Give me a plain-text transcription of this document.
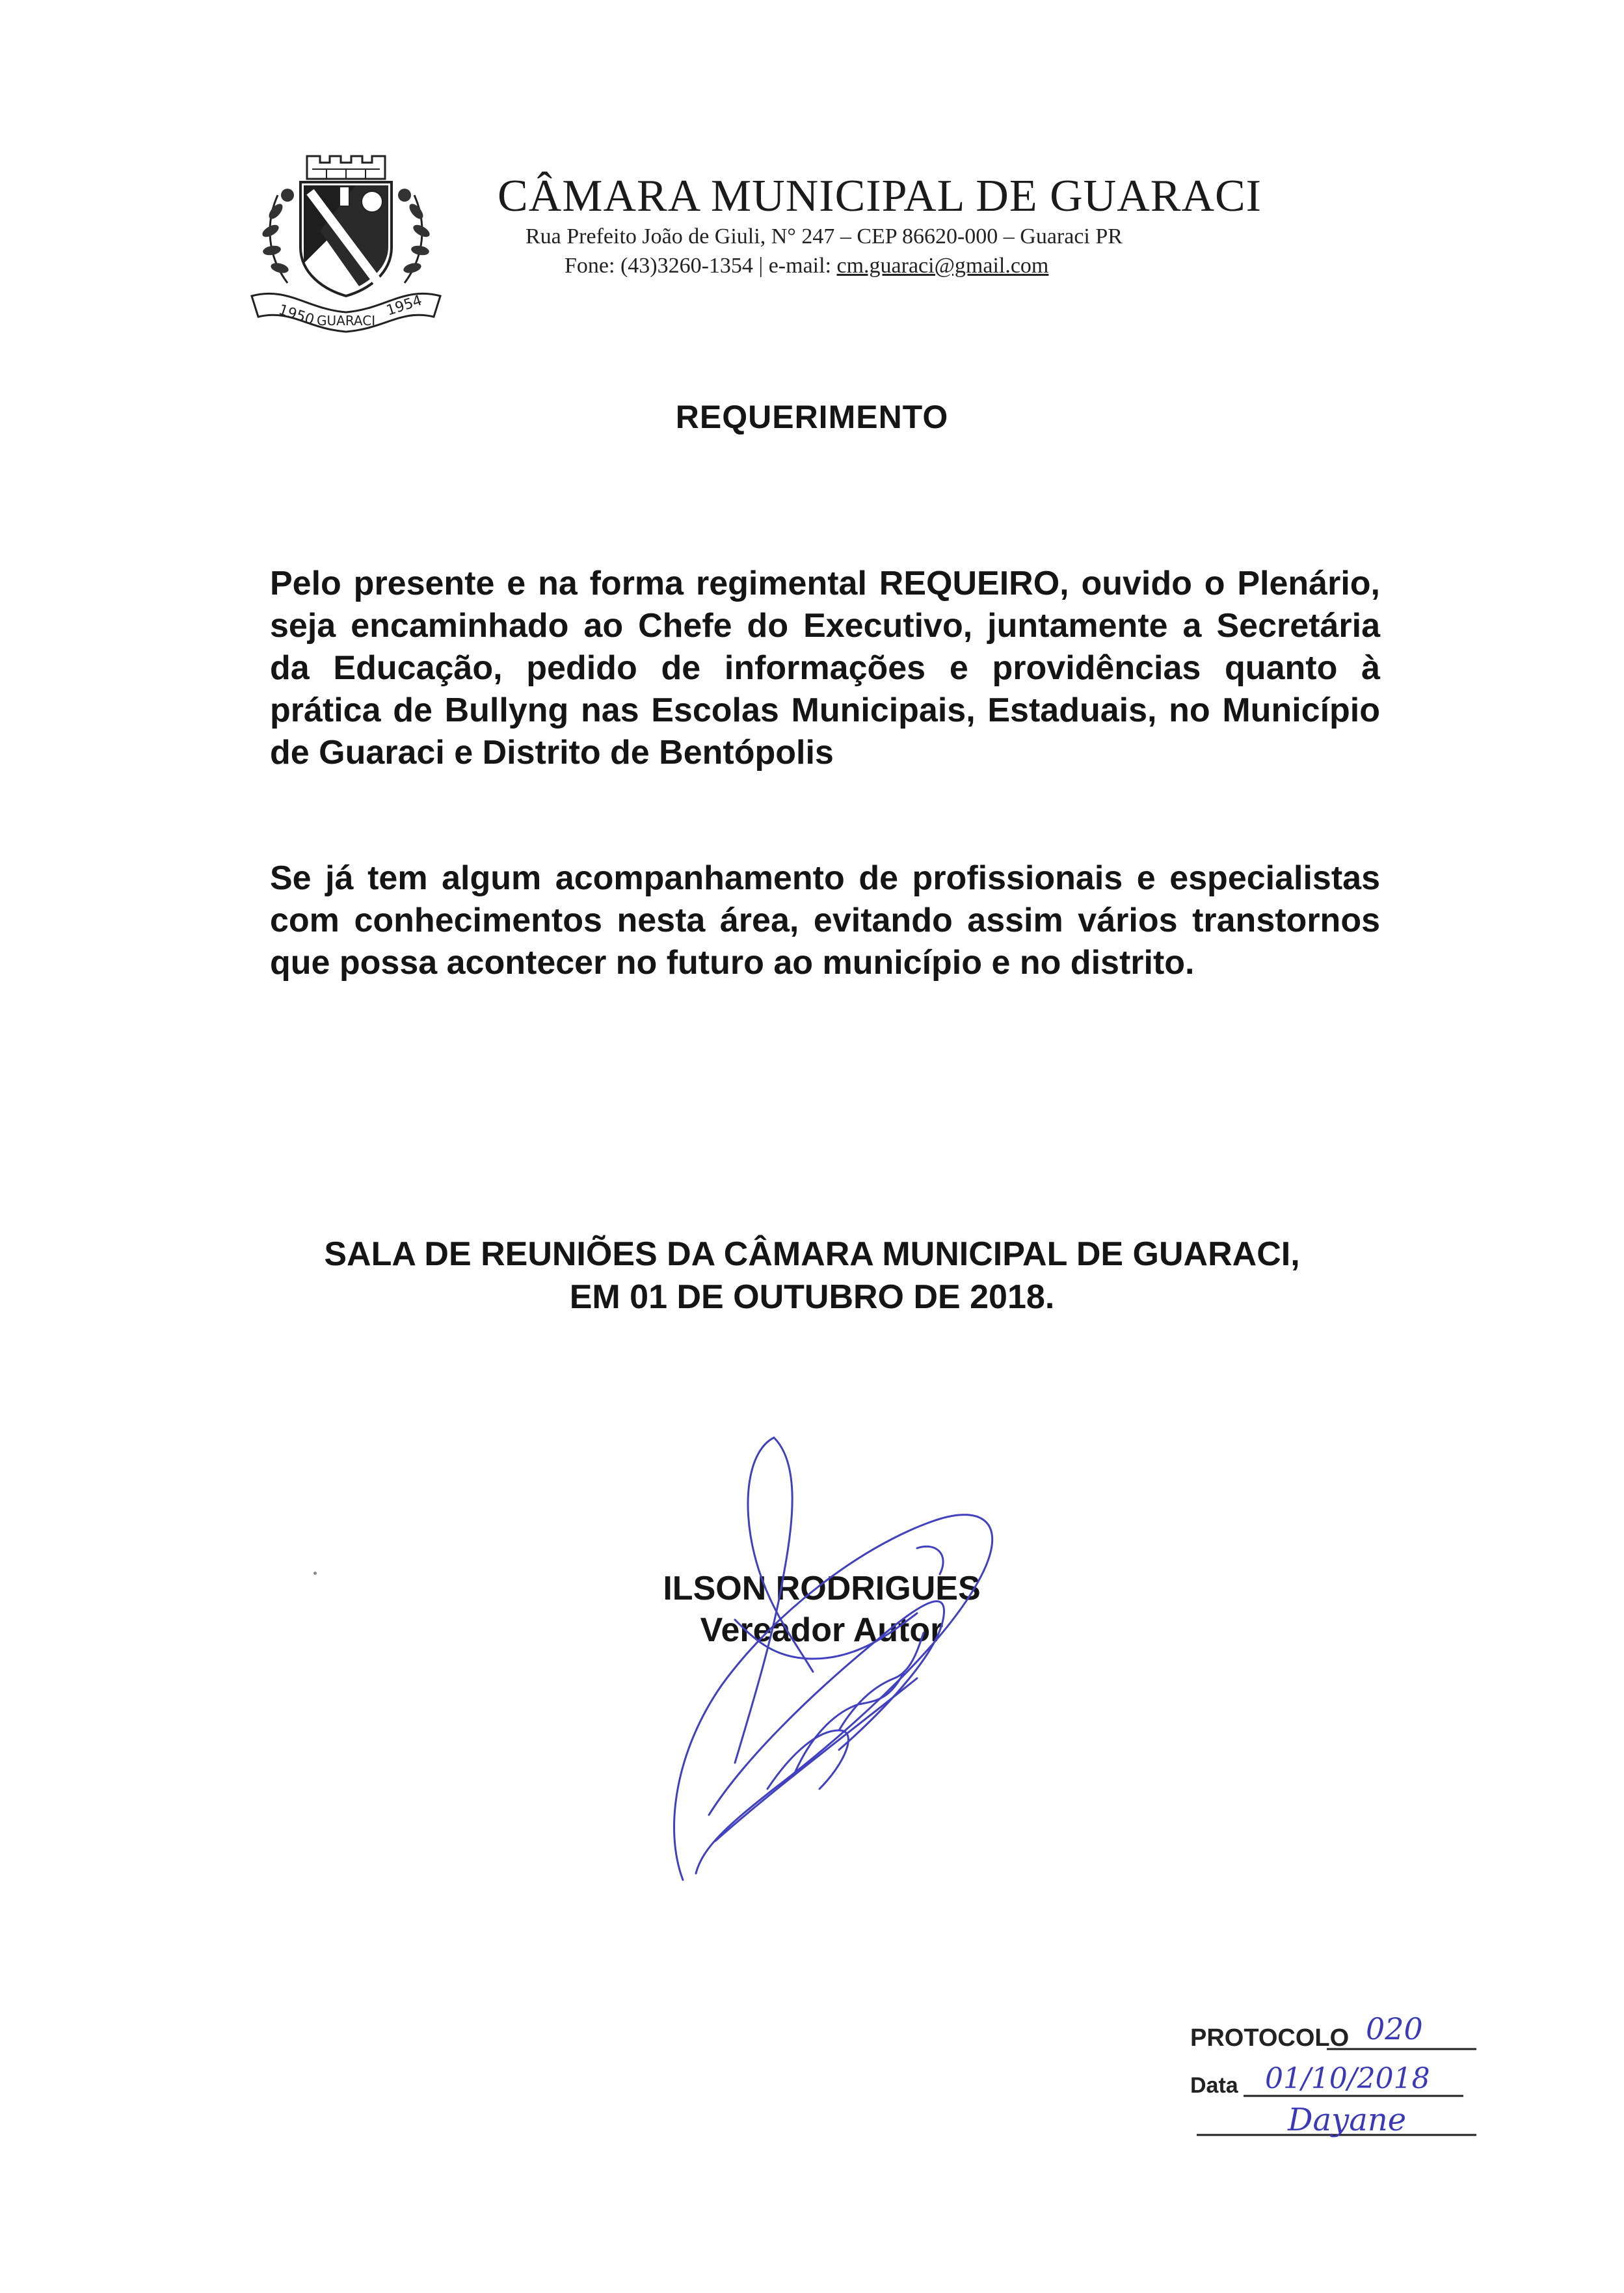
1950 GUARACI
1954
CÂMARA MUNICIPAL DE GUARACI
Rua Prefeito João de Giuli, N° 247 – CEP 86620-000 – Guaraci PR
Fone: (43)3260-1354 | e-mail: cm.guaraci@gmail.com
REQUERIMENTO
Pelo presente e na forma regimental REQUEIRO, ouvido o Plenário, seja encaminhado ao Chefe do Executivo, juntamente a Secretária da Educação, pedido de informações e providências quanto à prática de Bullyng nas Escolas Municipais, Estaduais, no Município de Guaraci e Distrito de Bentópolis
Se já tem algum acompanhamento de profissionais e especialistas com conhecimentos nesta área, evitando assim vários transtornos que possa acontecer no futuro ao município e no distrito.
SALA DE REUNIÕES DA CÂMARA MUNICIPAL DE GUARACI,
EM 01 DE OUTUBRO DE 2018.
ILSON RODRIGUES
Vereador Autor
PROTOCOLO 020
Data 01/10/2018
Dayane
